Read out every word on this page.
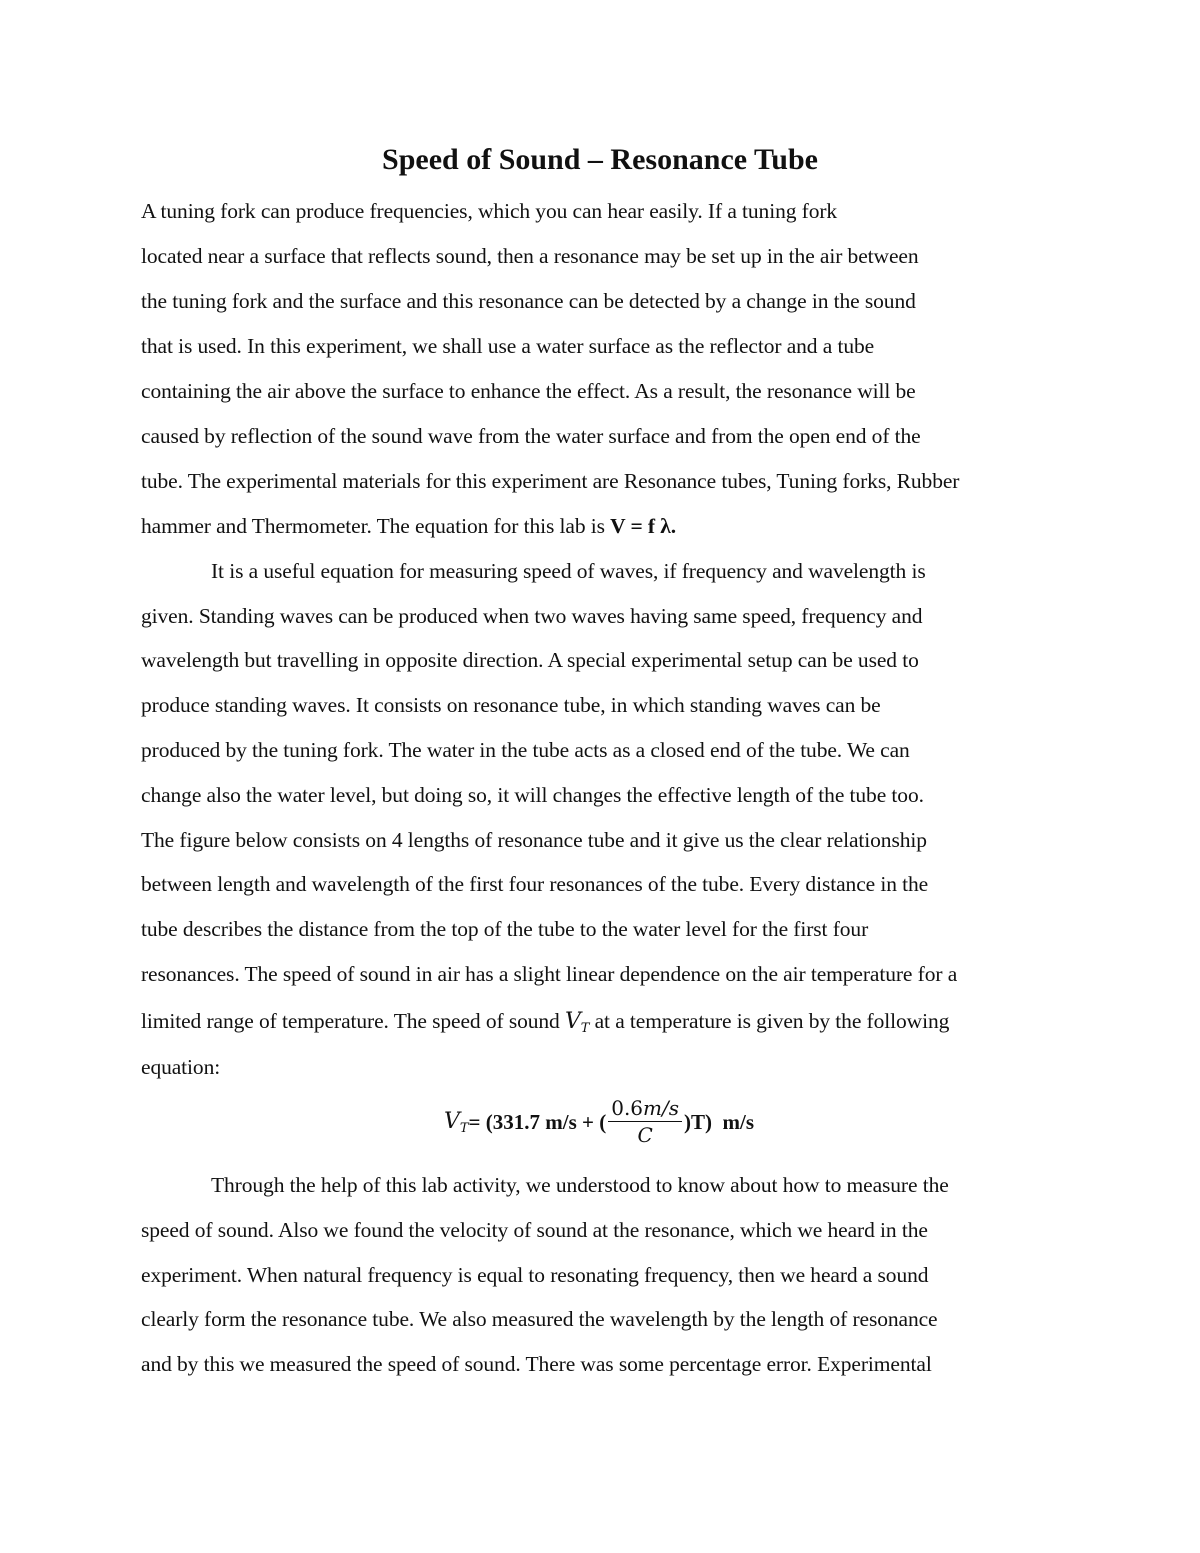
Speed of Sound – Resonance Tube
A tuning fork can produce frequencies, which you can hear easily. If a tuning fork
located near a surface that reflects sound, then a resonance may be set up in the air between
the tuning fork and the surface and this resonance can be detected by a change in the sound
that is used. In this experiment, we shall use a water surface as the reflector and a tube
containing the air above the surface to enhance the effect. As a result, the resonance will be
caused by reflection of the sound wave from the water surface and from the open end of the
tube. The experimental materials for this experiment are Resonance tubes, Tuning forks, Rubber
hammer and Thermometer. The equation for this lab is V = f λ.
It is a useful equation for measuring speed of waves, if frequency and wavelength is
given. Standing waves can be produced when two waves having same speed, frequency and
wavelength but travelling in opposite direction. A special experimental setup can be used to
produce standing waves. It consists on resonance tube, in which standing waves can be
produced by the tuning fork. The water in the tube acts as a closed end of the tube. We can
change also the water level, but doing so, it will changes the effective length of the tube too.
The figure below consists on 4 lengths of resonance tube and it give us the clear relationship
between length and wavelength of the first four resonances of the tube. Every distance in the
tube describes the distance from the top of the tube to the water level for the first four
resonances. The speed of sound in air has a slight linear dependence on the air temperature for a
limited range of temperature. The speed of sound $V_T$ at a temperature is given by the following
equation:
$V_T = (331.7$ m/s + ( $\frac{0.6m/s}{C} )T$)  m/s
Through the help of this lab activity, we understood to know about how to measure the
speed of sound. Also we found the velocity of sound at the resonance, which we heard in the
experiment. When natural frequency is equal to resonating frequency, then we heard a sound
clearly form the resonance tube. We also measured the wavelength by the length of resonance
and by this we measured the speed of sound. There was some percentage error. Experimental
